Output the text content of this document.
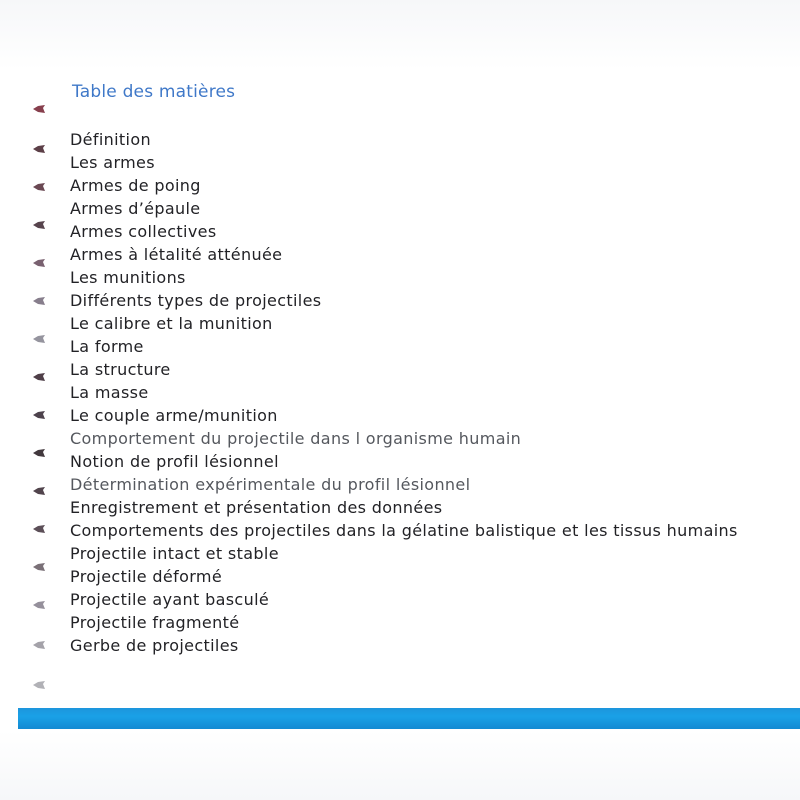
Table des matières
Définition
Les armes
Armes de poing
Armes d’épaule
Armes collectives
Armes à létalité atténuée
Les munitions
Différents types de projectiles
Le calibre et la munition
La forme
La structure
La masse
Le couple arme/munition
Comportement du projectile dans l organisme humain
Notion de profil lésionnel
Détermination expérimentale du profil lésionnel
Enregistrement et présentation des données
Comportements des projectiles dans la gélatine balistique et les tissus humains
Projectile intact et stable
Projectile déformé
Projectile ayant basculé
Projectile fragmenté
Gerbe de projectiles
